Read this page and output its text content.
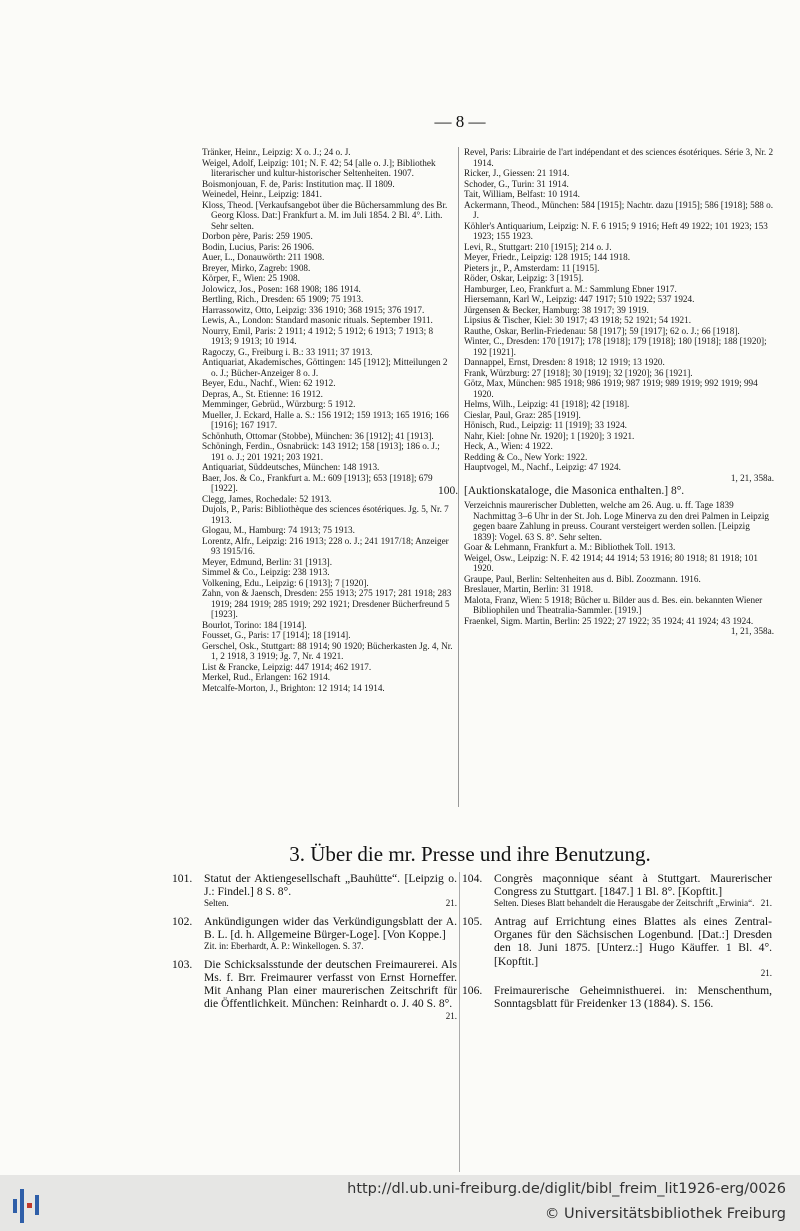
— 8 —

Tränker, Heinr., Leipzig: X o. J.; 24 o. J.

Weigel, Adolf, Leipzig: 101; N. F. 42; 54 [alle o. J.]; Bibliothek literarischer und kultur-historischer Seltenheiten. 1907.

Boismonjouan, F. de, Paris: Institution maç. II 1809.

Weinedel, Heinr., Leipzig: 1841.

Kloss, Theod. [Verkaufsangebot über die Büchersammlung des Br. Georg Kloss. Dat:] Frankfurt a. M. im Juli 1854. 2 Bl. 4°. Lith. Sehr selten.

Dorbon père, Paris: 259 1905.

Bodin, Lucius, Paris: 26 1906.

Auer, L., Donauwörth: 211 1908.

Breyer, Mirko, Zagreb: 1908.

Körper, F., Wien: 25 1908.

Jolowicz, Jos., Posen: 168 1908; 186 1914.

Bertling, Rich., Dresden: 65 1909; 75 1913.

Harrassowitz, Otto, Leipzig: 336 1910; 368 1915; 376 1917.

Lewis, A., London: Standard masonic rituals. September 1911.

Nourry, Emil, Paris: 2 1911; 4 1912; 5 1912; 6 1913; 7 1913; 8 1913; 9 1913; 10 1914.

Ragoczy, G., Freiburg i. B.: 33 1911; 37 1913.

Antiquariat, Akademisches, Göttingen: 145 [1912]; Mitteilungen 2 o. J.; Bücher-Anzeiger 8 o. J.

Beyer, Edu., Nachf., Wien: 62 1912.

Depras, A., St. Etienne: 16 1912.

Memminger, Gebrüd., Würzburg: 5 1912.

Mueller, J. Eckard, Halle a. S.: 156 1912; 159 1913; 165 1916; 166 [1916]; 167 1917.

Schönhuth, Ottomar (Stobbe), München: 36 [1912]; 41 [1913].

Schöningh, Ferdin., Osnabrück: 143 1912; 158 [1913]; 186 o. J.; 191 o. J.; 201 1921; 203 1921.

Antiquariat, Süddeutsches, München: 148 1913.

Baer, Jos. & Co., Frankfurt a. M.: 609 [1913]; 653 [1918]; 679 [1922].

Clegg, James, Rochedale: 52 1913.

Dujols, P., Paris: Bibliothèque des sciences ésotériques. Jg. 5, Nr. 7 1913.

Glogau, M., Hamburg: 74 1913; 75 1913.

Lorentz, Alfr., Leipzig: 216 1913; 228 o. J.; 241 1917/18; Anzeiger 93 1915/16.

Meyer, Edmund, Berlin: 31 [1913].

Simmel & Co., Leipzig: 238 1913.

Volkening, Edu., Leipzig: 6 [1913]; 7 [1920].

Zahn, von & Jaensch, Dresden: 255 1913; 275 1917; 281 1918; 283 1919; 284 1919; 285 1919; 292 1921; Dresdener Bücherfreund 5 [1923].

Bourlot, Torino: 184 [1914].

Fousset, G., Paris: 17 [1914]; 18 [1914].

Gerschel, Osk., Stuttgart: 88 1914; 90 1920; Bücherkasten Jg. 4, Nr. 1, 2 1918, 3 1919; Jg. 7, Nr. 4 1921.

List & Francke, Leipzig: 447 1914; 462 1917.

Merkel, Rud., Erlangen: 162 1914.

Metcalfe-Morton, J., Brighton: 12 1914; 14 1914.

Revel, Paris: Librairie de l'art indépendant et des sciences ésotériques. Série 3, Nr. 2 1914.

Ricker, J., Giessen: 21 1914.

Schoder, G., Turin: 31 1914.

Tait, William, Belfast: 10 1914.

Ackermann, Theod., München: 584 [1915]; Nachtr. dazu [1915]; 586 [1918]; 588 o. J.

Köhler's Antiquarium, Leipzig: N. F. 6 1915; 9 1916; Heft 49 1922; 101 1923; 153 1923; 155 1923.

Levi, R., Stuttgart: 210 [1915]; 214 o. J.

Meyer, Friedr., Leipzig: 128 1915; 144 1918.

Pieters jr., P., Amsterdam: 11 [1915].

Röder, Oskar, Leipzig: 3 [1915].

Hamburger, Leo, Frankfurt a. M.: Sammlung Ebner 1917.

Hiersemann, Karl W., Leipzig: 447 1917; 510 1922; 537 1924.

Jürgensen & Becker, Hamburg: 38 1917; 39 1919.

Lipsius & Tischer, Kiel: 30 1917; 43 1918; 52 1921; 54 1921.

Rauthe, Oskar, Berlin-Friedenau: 58 [1917]; 59 [1917]; 62 o. J.; 66 [1918].

Winter, C., Dresden: 170 [1917]; 178 [1918]; 179 [1918]; 180 [1918]; 188 [1920]; 192 [1921].

Dannappel, Ernst, Dresden: 8 1918; 12 1919; 13 1920.

Frank, Würzburg: 27 [1918]; 30 [1919]; 32 [1920]; 36 [1921].

Götz, Max, München: 985 1918; 986 1919; 987 1919; 989 1919; 992 1919; 994 1920.

Helms, Wilh., Leipzig: 41 [1918]; 42 [1918].

Cieslar, Paul, Graz: 285 [1919].

Hönisch, Rud., Leipzig: 11 [1919]; 33 1924.

Nahr, Kiel: [ohne Nr. 1920]; 1 [1920]; 3 1921.

Heck, A., Wien: 4 1922.

Redding & Co., New York: 1922.

Hauptvogel, M., Nachf., Leipzig: 47 1924.

1, 21, 358a.
100. [Auktionskataloge, die Masonica enthalten.] 8°.

Verzeichnis maurerischer Dubletten, welche am 26. Aug. u. ff. Tage 1839 Nachmittag 3–6 Uhr in der St. Joh. Loge Minerva zu den drei Palmen in Leipzig gegen baare Zahlung in preuss. Courant versteigert werden sollen. [Leipzig 1839]: Vogel. 63 S. 8°. Sehr selten.

Goar & Lehmann, Frankfurt a. M.: Bibliothek Toll. 1913.

Weigel, Osw., Leipzig: N. F. 42 1914; 44 1914; 53 1916; 80 1918; 81 1918; 101 1920.

Graupe, Paul, Berlin: Seltenheiten aus d. Bibl. Zoozmann. 1916.

Breslauer, Martin, Berlin: 31 1918.

Malota, Franz, Wien: 5 1918; Bücher u. Bilder aus d. Bes. ein. bekannten Wiener Bibliophilen und Theatralia-Sammler. [1919.]

Fraenkel, Sigm. Martin, Berlin: 25 1922; 27 1922; 35 1924; 41 1924; 43 1924.

1, 21, 358a.
3. Über die mr. Presse und ihre Benutzung.
101.	Statut der Aktiengesellschaft „Bauhütte“. [Leipzig o. J.: Findel.] 8 S. 8°.
Selten.	21.
102.	Ankündigungen wider das Verkündigungsblatt der A. B. L. [d. h. Allgemeine Bürger-Loge]. [Von Koppe.]
Zit. in: Eberhardt, A. P.: Winkellogen. S. 37.
103.	Die Schicksalsstunde der deutschen Freimaurerei. Als Ms. f. Brr. Freimaurer verfasst von Ernst Horneffer. Mit Anhang Plan einer maurerischen Zeitschrift für die Öffentlichkeit. München: Reinhardt o. J. 40 S. 8°.
21.
104.	Congrès maçonnique séant à Stuttgart. Maurerischer Congress zu Stuttgart. [1847.] 1 Bl. 8°. [Kopftit.]
Selten. Dieses Blatt behandelt die Herausgabe der Zeitschrift „Erwinia“. 21.
105.	Antrag auf Errichtung eines Blattes als eines Zentral-Organes für den Sächsischen Logenbund. [Dat.:] Dresden den 18. Juni 1875. [Unterz.:] Hugo Käuffer. 1 Bl. 4°. [Kopftit.]
21.
106.	Freimaurerische Geheimnisthuerei. in: Menschenthum, Sonntagsblatt für Freidenker 13 (1884). S. 156.
http://dl.ub.uni-freiburg.de/diglit/bibl_freim_lit1926-erg/0026
© Universitätsbibliothek Freiburg
